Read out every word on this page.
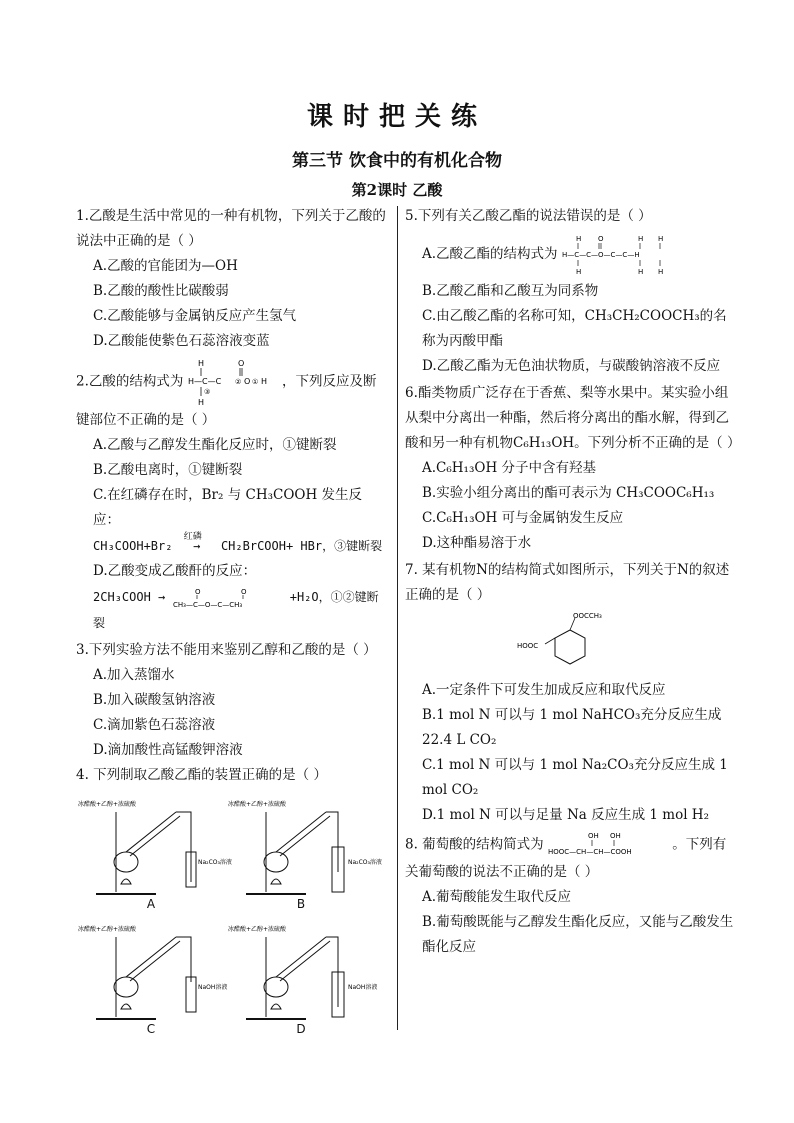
课时把关练
第三节 饮食中的有机化合物
第2课时 乙酸

1.乙酸是生活中常见的一种有机物，下列关于乙酸的说法中正确的是（ ）

A.乙酸的官能团为—OH
B.乙酸的酸性比碳酸弱
C.乙酸能够与金属钠反应产生氢气
D.乙酸能使紫色石蕊溶液变蓝

2.乙酸的结构式为
H	O
H—C—C ② O ① H
③
H
，下列反应及断键部位不正确的是（ ）

A.乙酸与乙醇发生酯化反应时，①键断裂
B.乙酸电离时，①键断裂
C.在红磷存在时，Br₂ 与 CH₃COOH 发生反应：
CH₃COOH+Br₂
红磷
→ CH₂BrCOOH+ HBr，③键断裂
D.乙酸变成乙酸酐的反应：
2CH₃COOH →	O	O
CH₃—C—O—C—CH₃
+H₂O，①②键断裂

3.下列实验方法不能用来鉴别乙醇和乙酸的是（ ）

A.加入蒸馏水
B.加入碳酸氢钠溶液
C.滴加紫色石蕊溶液
D.滴加酸性高锰酸钾溶液

4. 下列制取乙酸乙酯的装置正确的是（ ）

冰醋酸+乙醇+浓硫酸
Na₂CO₃溶液
A
冰醋酸+乙醇+浓硫酸
Na₂CO₃溶液
B
冰醋酸+乙醇+浓硫酸
NaOH溶液
C
冰醋酸+乙醇+浓硫酸
NaOH溶液
D

5.下列有关乙酸乙酯的说法错误的是（ ）

A.乙酸乙酯的结构式为
H O	H H
H—C—C—O—C—C—H
H	H H
B.乙酸乙酯和乙酸互为同系物
C.由乙酸乙酯的名称可知，CH₃CH₂COOCH₃的名称为丙酸甲酯
D.乙酸乙酯为无色油状物质，与碳酸钠溶液不反应

6.酯类物质广泛存在于香蕉、梨等水果中。某实验小组从梨中分离出一种酯，然后将分离出的酯水解，得到乙酸和另一种有机物C₆H₁₃OH。下列分析不正确的是（ ）

A.C₆H₁₃OH 分子中含有羟基
B.实验小组分离出的酯可表示为 CH₃COOC₆H₁₃
C.C₆H₁₃OH 可与金属钠发生反应
D.这种酯易溶于水

7. 某有机物N的结构简式如图所示，下列关于N的叙述正确的是（ ）

OOCCH₃
HOOC
A.一定条件下可发生加成反应和取代反应
B.1 mol N 可以与 1 mol NaHCO₃充分反应生成 22.4 L CO₂
C.1 mol N 可以与 1 mol Na₂CO₃充分反应生成 1 mol CO₂
D.1 mol N 可以与足量 Na 反应生成 1 mol H₂

8. 葡萄酸的结构简式为
OH OH
HOOC—CH—CH—COOH	。下列有关葡萄酸的说法不正确的是（ ）

A.葡萄酸能发生取代反应
B.葡萄酸既能与乙醇发生酯化反应，又能与乙酸发生酯化反应
